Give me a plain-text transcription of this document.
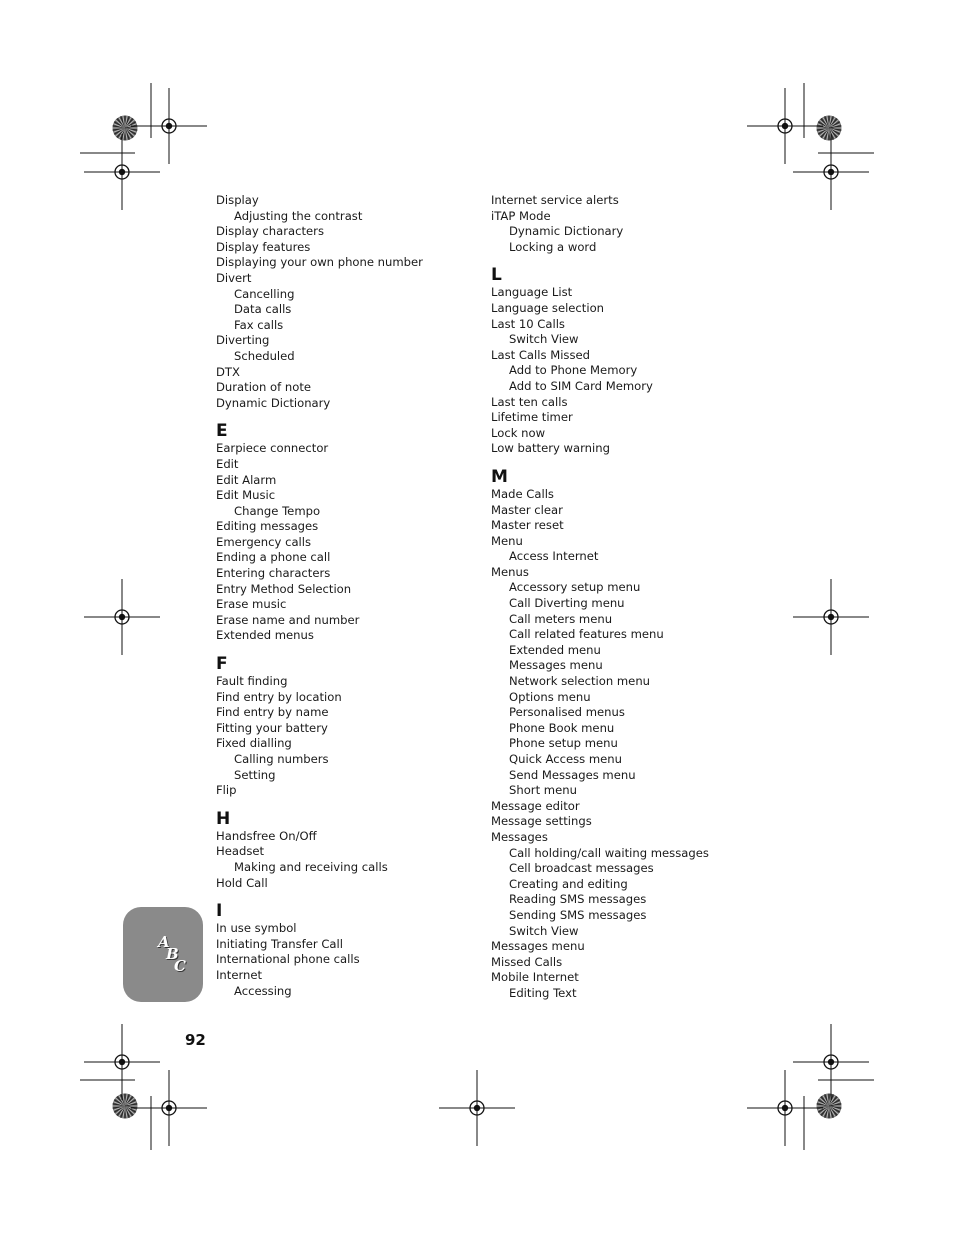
Display
Adjusting the contrast
Display characters
Display features
Displaying your own phone number
Divert
Cancelling
Data calls
Fax calls
Diverting
Scheduled
DTX
Duration of note
Dynamic Dictionary
E
Earpiece connector
Edit
Edit Alarm
Edit Music
Change Tempo
Editing messages
Emergency calls
Ending a phone call
Entering characters
Entry Method Selection
Erase music
Erase name and number
Extended menus
F
Fault finding
Find entry by location
Find entry by name
Fitting your battery
Fixed dialling
Calling numbers
Setting
Flip
H
Handsfree On/Off
Headset
Making and receiving calls
Hold Call
I
In use symbol
Initiating Transfer Call
International phone calls
Internet
Accessing
Internet service alerts
iTAP Mode
Dynamic Dictionary
Locking a word
L
Language List
Language selection
Last 10 Calls
Switch View
Last Calls Missed
Add to Phone Memory
Add to SIM Card Memory
Last ten calls
Lifetime timer
Lock now
Low battery warning
M
Made Calls
Master clear
Master reset
Menu
Access Internet
Menus
Accessory setup menu
Call Diverting menu
Call meters menu
Call related features menu
Extended menu
Messages menu
Network selection menu
Options menu
Personalised menus
Phone Book menu
Phone setup menu
Quick Access menu
Send Messages menu
Short menu
Message editor
Message settings
Messages
Call holding/call waiting messages
Cell broadcast messages
Creating and editing
Reading SMS messages
Sending SMS messages
Switch View
Messages menu
Missed Calls
Mobile Internet
Editing Text
A
B
C
92
